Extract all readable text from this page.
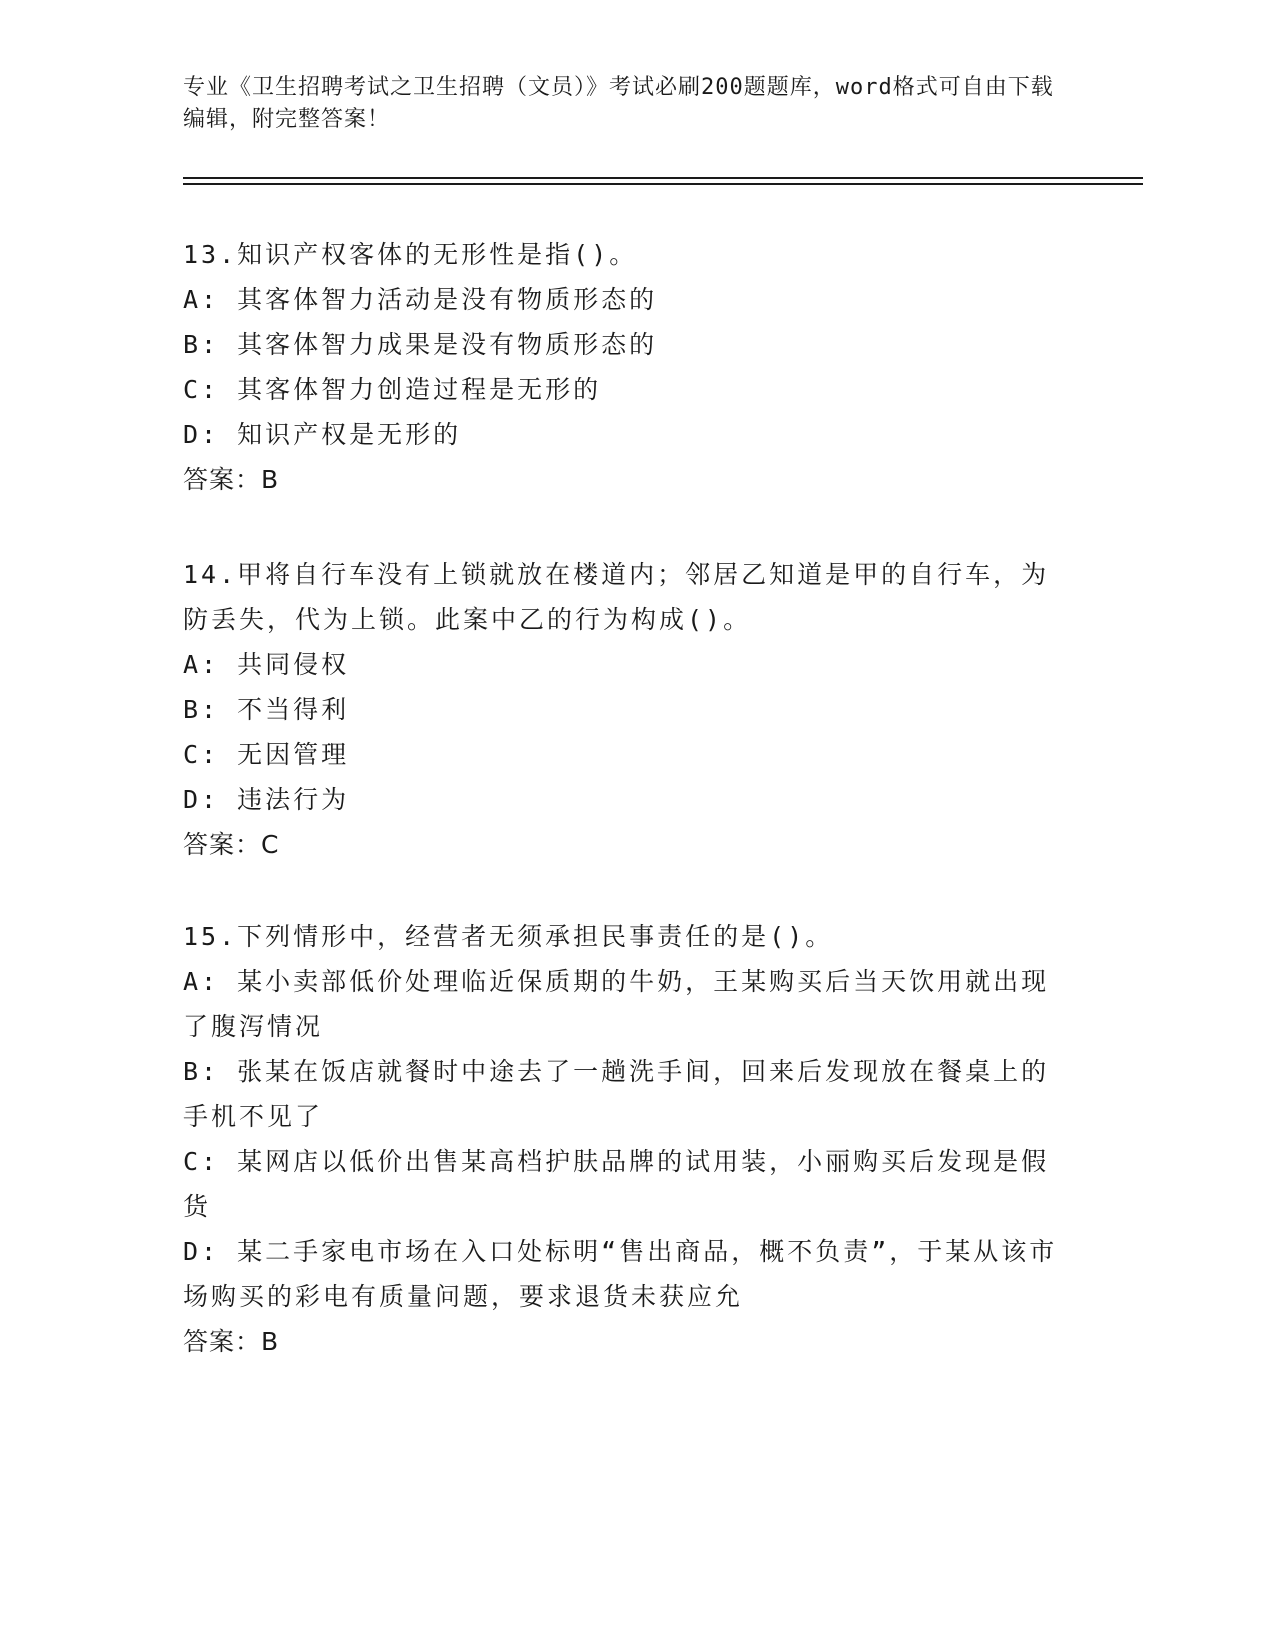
专业《卫生招聘考试之卫生招聘（文员）》考试必刷200题题库，word格式可自由下载编辑，附完整答案！
13.知识产权客体的无形性是指()。
A: 其客体智力活动是没有物质形态的
B: 其客体智力成果是没有物质形态的
C: 其客体智力创造过程是无形的
D: 知识产权是无形的
答案：B
14.甲将自行车没有上锁就放在楼道内；邻居乙知道是甲的自行车，为防丢失，代为上锁。此案中乙的行为构成()。
A: 共同侵权
B: 不当得利
C: 无因管理
D: 违法行为
答案：C
15.下列情形中，经营者无须承担民事责任的是()。
A: 某小卖部低价处理临近保质期的牛奶，王某购买后当天饮用就出现了腹泻情况
B: 张某在饭店就餐时中途去了一趟洗手间，回来后发现放在餐桌上的手机不见了
C: 某网店以低价出售某高档护肤品牌的试用装，小丽购买后发现是假货
D: 某二手家电市场在入口处标明“售出商品，概不负责”，于某从该市场购买的彩电有质量问题，要求退货未获应允
答案：B
